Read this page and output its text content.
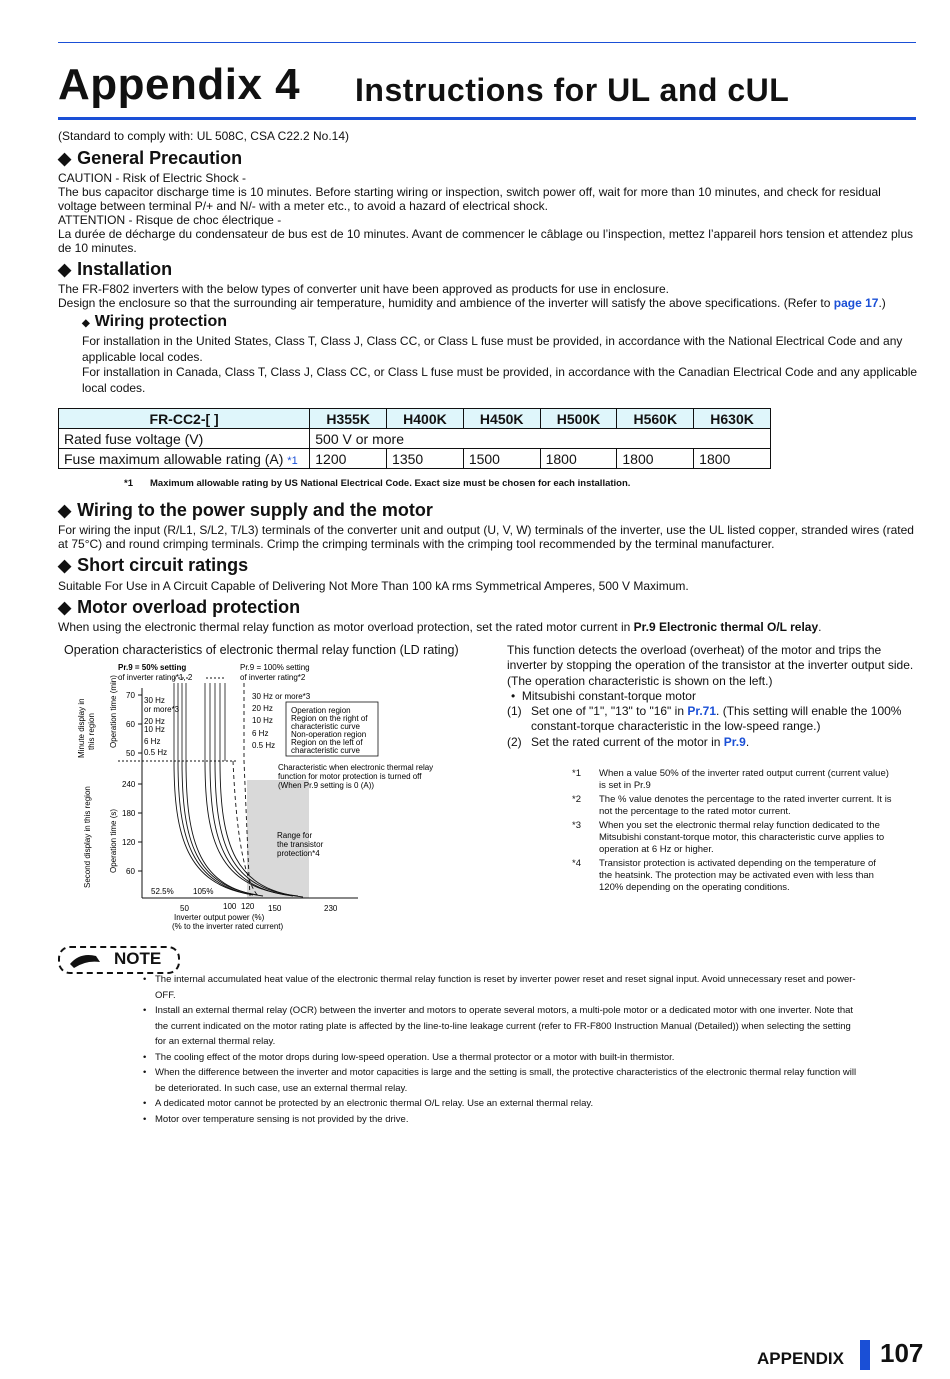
Appendix 4 Instructions for UL and cUL
(Standard to comply with: UL 508C, CSA C22.2 No.14)
◆ General Precaution
CAUTION - Risk of Electric Shock -
The bus capacitor discharge time is 10 minutes. Before starting wiring or inspection, switch power off, wait for more than 10 minutes, and check for residual
voltage between terminal P/+ and N/- with a meter etc., to avoid a hazard of electrical shock.
ATTENTION - Risque de choc électrique -
La durée de décharge du condensateur de bus est de 10 minutes. Avant de commencer le câblage ou l’inspection, mettez l’appareil hors tension et attendez plus
de 10 minutes.
◆ Installation
The FR-F802 inverters with the below types of converter unit have been approved as products for use in enclosure.
Design the enclosure so that the surrounding air temperature, humidity and ambience of the inverter will satisfy the above specifications. (Refer to page 17.)
◆ Wiring protection
For installation in the United States, Class T, Class J, Class CC, or Class L fuse must be provided, in accordance with the National Electrical Code and any
applicable local codes.
For installation in Canada, Class T, Class J, Class CC, or Class L fuse must be provided, in accordance with the Canadian Electrical Code and any applicable
local codes.
FR-CC2-[ ]	H355K	H400K	H450K	H500K	H560K	H630K
Rated fuse voltage (V)	500 V or more					
Fuse maximum allowable rating (A) *1	1200	1350	1500	1800	1800	1800
*1 Maximum allowable rating by US National Electrical Code. Exact size must be chosen for each installation.
◆ Wiring to the power supply and the motor
For wiring the input (R/L1, S/L2, T/L3) terminals of the converter unit and output (U, V, W) terminals of the inverter, use the UL listed copper, stranded wires (rated
at 75°C) and round crimping terminals. Crimp the crimping terminals with the crimping tool recommended by the terminal manufacturer.
◆ Short circuit ratings
Suitable For Use in A Circuit Capable of Delivering Not More Than 100 kA rms Symmetrical Amperes, 500 V Maximum.
◆ Motor overload protection
When using the electronic thermal relay function as motor overload protection, set the rated motor current in Pr.9 Electronic thermal O/L relay.
Operation characteristics of electronic thermal relay function (LD rating)
Pr.9 = 50% setting
of inverter rating*1, 2
Pr.9 = 100% setting
of inverter rating*2
Minute display in this region
Second display in this region
Operation time (min)
Operation time (s)
70
60
50
240
180
120
60
30 Hz
or more*3
20 Hz
10 Hz
6 Hz
0.5 Hz
30 Hz or more*3
20 Hz
10 Hz
6 Hz
0.5 Hz
Operation region
Region on the right of
characteristic curve
Non-operation region
Region on the left of
characteristic curve
Characteristic when electronic thermal relay
function for motor protection is turned off
(When Pr.9 setting is 0 (A))
Range for
the transistor
protection*4
52.5% 105%
50	100 120 150	230
Inverter output power (%)
(% to the inverter rated current)
This function detects the overload (overheat) of the motor and trips the
inverter by stopping the operation of the transistor at the inverter output side.
(The operation characteristic is shown on the left.)
•  Mitsubishi constant-torque motor
(1) Set one of "1", "13" to "16" in Pr.71. (This setting will enable the 100%
constant-torque characteristic in the low-speed range.)
(2) Set the rated current of the motor in Pr.9.
*1 When a value 50% of the inverter rated output current (current value)
is set in Pr.9
*2 The % value denotes the percentage to the rated inverter current. It is
not the percentage to the rated motor current.
*3 When you set the electronic thermal relay function dedicated to the
Mitsubishi constant-torque motor, this characteristic curve applies to
operation at 6 Hz or higher.
*4 Transistor protection is activated depending on the temperature of
the heatsink. The protection may be activated even with less than
120% depending on the operating conditions.
NOTE
• The internal accumulated heat value of the electronic thermal relay function is reset by inverter power reset and reset signal input. Avoid unnecessary reset and power-
OFF.
• Install an external thermal relay (OCR) between the inverter and motors to operate several motors, a multi-pole motor or a dedicated motor with one inverter. Note that
the current indicated on the motor rating plate is affected by the line-to-line leakage current (refer to FR-F800 Instruction Manual (Detailed)) when selecting the setting
for an external thermal relay.
• The cooling effect of the motor drops during low-speed operation. Use a thermal protector or a motor with built-in thermistor.
• When the difference between the inverter and motor capacities is large and the setting is small, the protective characteristics of the electronic thermal relay function will
be deteriorated. In such case, use an external thermal relay.
• A dedicated motor cannot be protected by an electronic thermal O/L relay. Use an external thermal relay.
• Motor over temperature sensing is not provided by the drive.
APPENDIX 107
